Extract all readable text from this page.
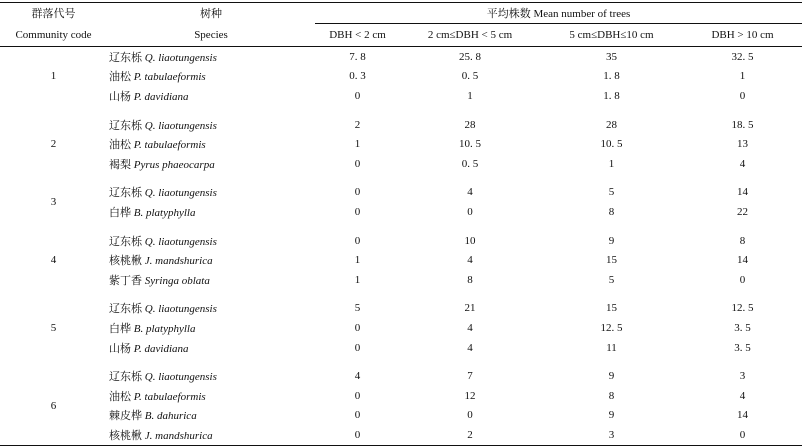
群落代号	树种	平均株数 Mean number of trees			
Community code	Species	DBH < 2 cm	2 cm≤DBH < 5 cm	5 cm≤DBH≤10 cm	DBH > 10 cm
1	辽东栎 Q. liaotungensis	7. 8	25. 8	35	32. 5
	油松 P. tabulaeformis	0. 3	0. 5	1. 8	1
	山杨 P. davidiana	0	1	1. 8	0

2	辽东栎 Q. liaotungensis	2	28	28	18. 5
	油松 P. tabulaeformis	1	10. 5	10. 5	13
	褐梨 Pyrus phaeocarpa	0	0. 5	1	4

3	辽东栎 Q. liaotungensis	0	4	5	14
	白桦 B. platyphylla	0	0	8	22

4	辽东栎 Q. liaotungensis	0	10	9	8
	核桃楸 J. mandshurica	1	4	15	14
	紫丁香 Syringa oblata	1	8	5	0

5	辽东栎 Q. liaotungensis	5	21	15	12. 5
	白桦 B. platyphylla	0	4	12. 5	3. 5
	山杨 P. davidiana	0	4	11	3. 5

6	辽东栎 Q. liaotungensis	4	7	9	3
	油松 P. tabulaeformis	0	12	8	4
	棘皮桦 B. dahurica	0	0	9	14
	核桃楸 J. mandshurica	0	2	3	0
